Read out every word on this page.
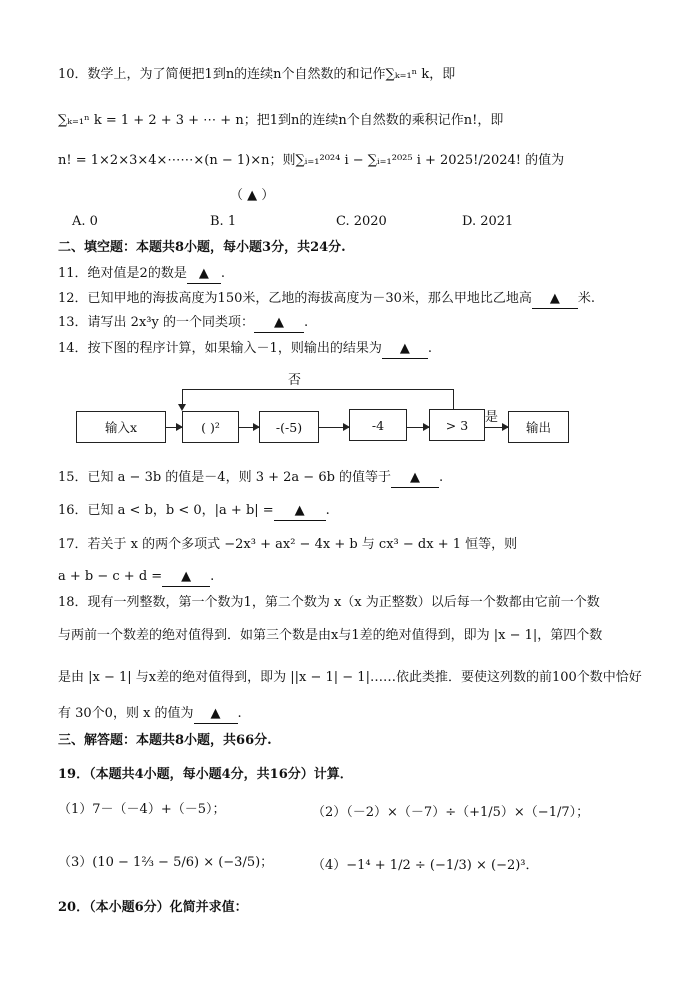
10．数学上，为了简便把1到n的连续n个自然数的和记作∑ₖ₌₁ⁿ k，即
∑ₖ₌₁ⁿ k = 1 + 2 + 3 + ⋯ + n；把1到n的连续n个自然数的乘积记作n!，即
n! = 1×2×3×4×⋯⋯×(n − 1)×n；则∑ᵢ₌₁²⁰²⁴ i − ∑ᵢ₌₁²⁰²⁵ i + 2025!/2024! 的值为
（ ▲ ）
A. 0	B. 1	C. 2020	D. 2021
二、填空题：本题共8小题，每小题3分，共24分.
11．绝对值是2的数是 ▲ .
12．已知甲地的海拔高度为150米，乙地的海拔高度为－30米，那么甲地比乙地高 ▲ 米.
13．请写出 2x³y 的一个同类项： ▲ .
14．按下图的程序计算，如果输入－1，则输出的结果为 ▲ .
否
输入x	( )²	-(-5)	-4	> 3	是
输出
15．已知 a − 3b 的值是－4，则 3 + 2a − 6b 的值等于 ▲ .
16．已知 a < b，b < 0，|a + b| = ▲ .
17．若关于 x 的两个多项式 −2x³ + ax² − 4x + b 与 cx³ − dx + 1 恒等，则
a + b − c + d = ▲ .
18．现有一列整数，第一个数为1，第二个数为 x（x 为正整数）以后每一个数都由它前一个数
与两前一个数差的绝对值得到．如第三个数是由x与1差的绝对值得到，即为 |x − 1|，第四个数
是由 |x − 1| 与x差的绝对值得到，即为 ||x − 1| − 1|……依此类推．要使这列数的前100个数中恰好
有 30个0，则 x 的值为 ▲ .
三、解答题：本题共8小题，共66分.
19．（本题共4小题，每小题4分，共16分）计算．
（1）7－（－4）+（－5）；	（2）（－2）×（－7）÷（+1/5）×（−1/7）；
（3）(10 − 1⅔ − 5/6) × (−3/5)；	（4）−1⁴ + 1/2 ÷ (−1/3) × (−2)³．
20．（本小题6分）化简并求值：
